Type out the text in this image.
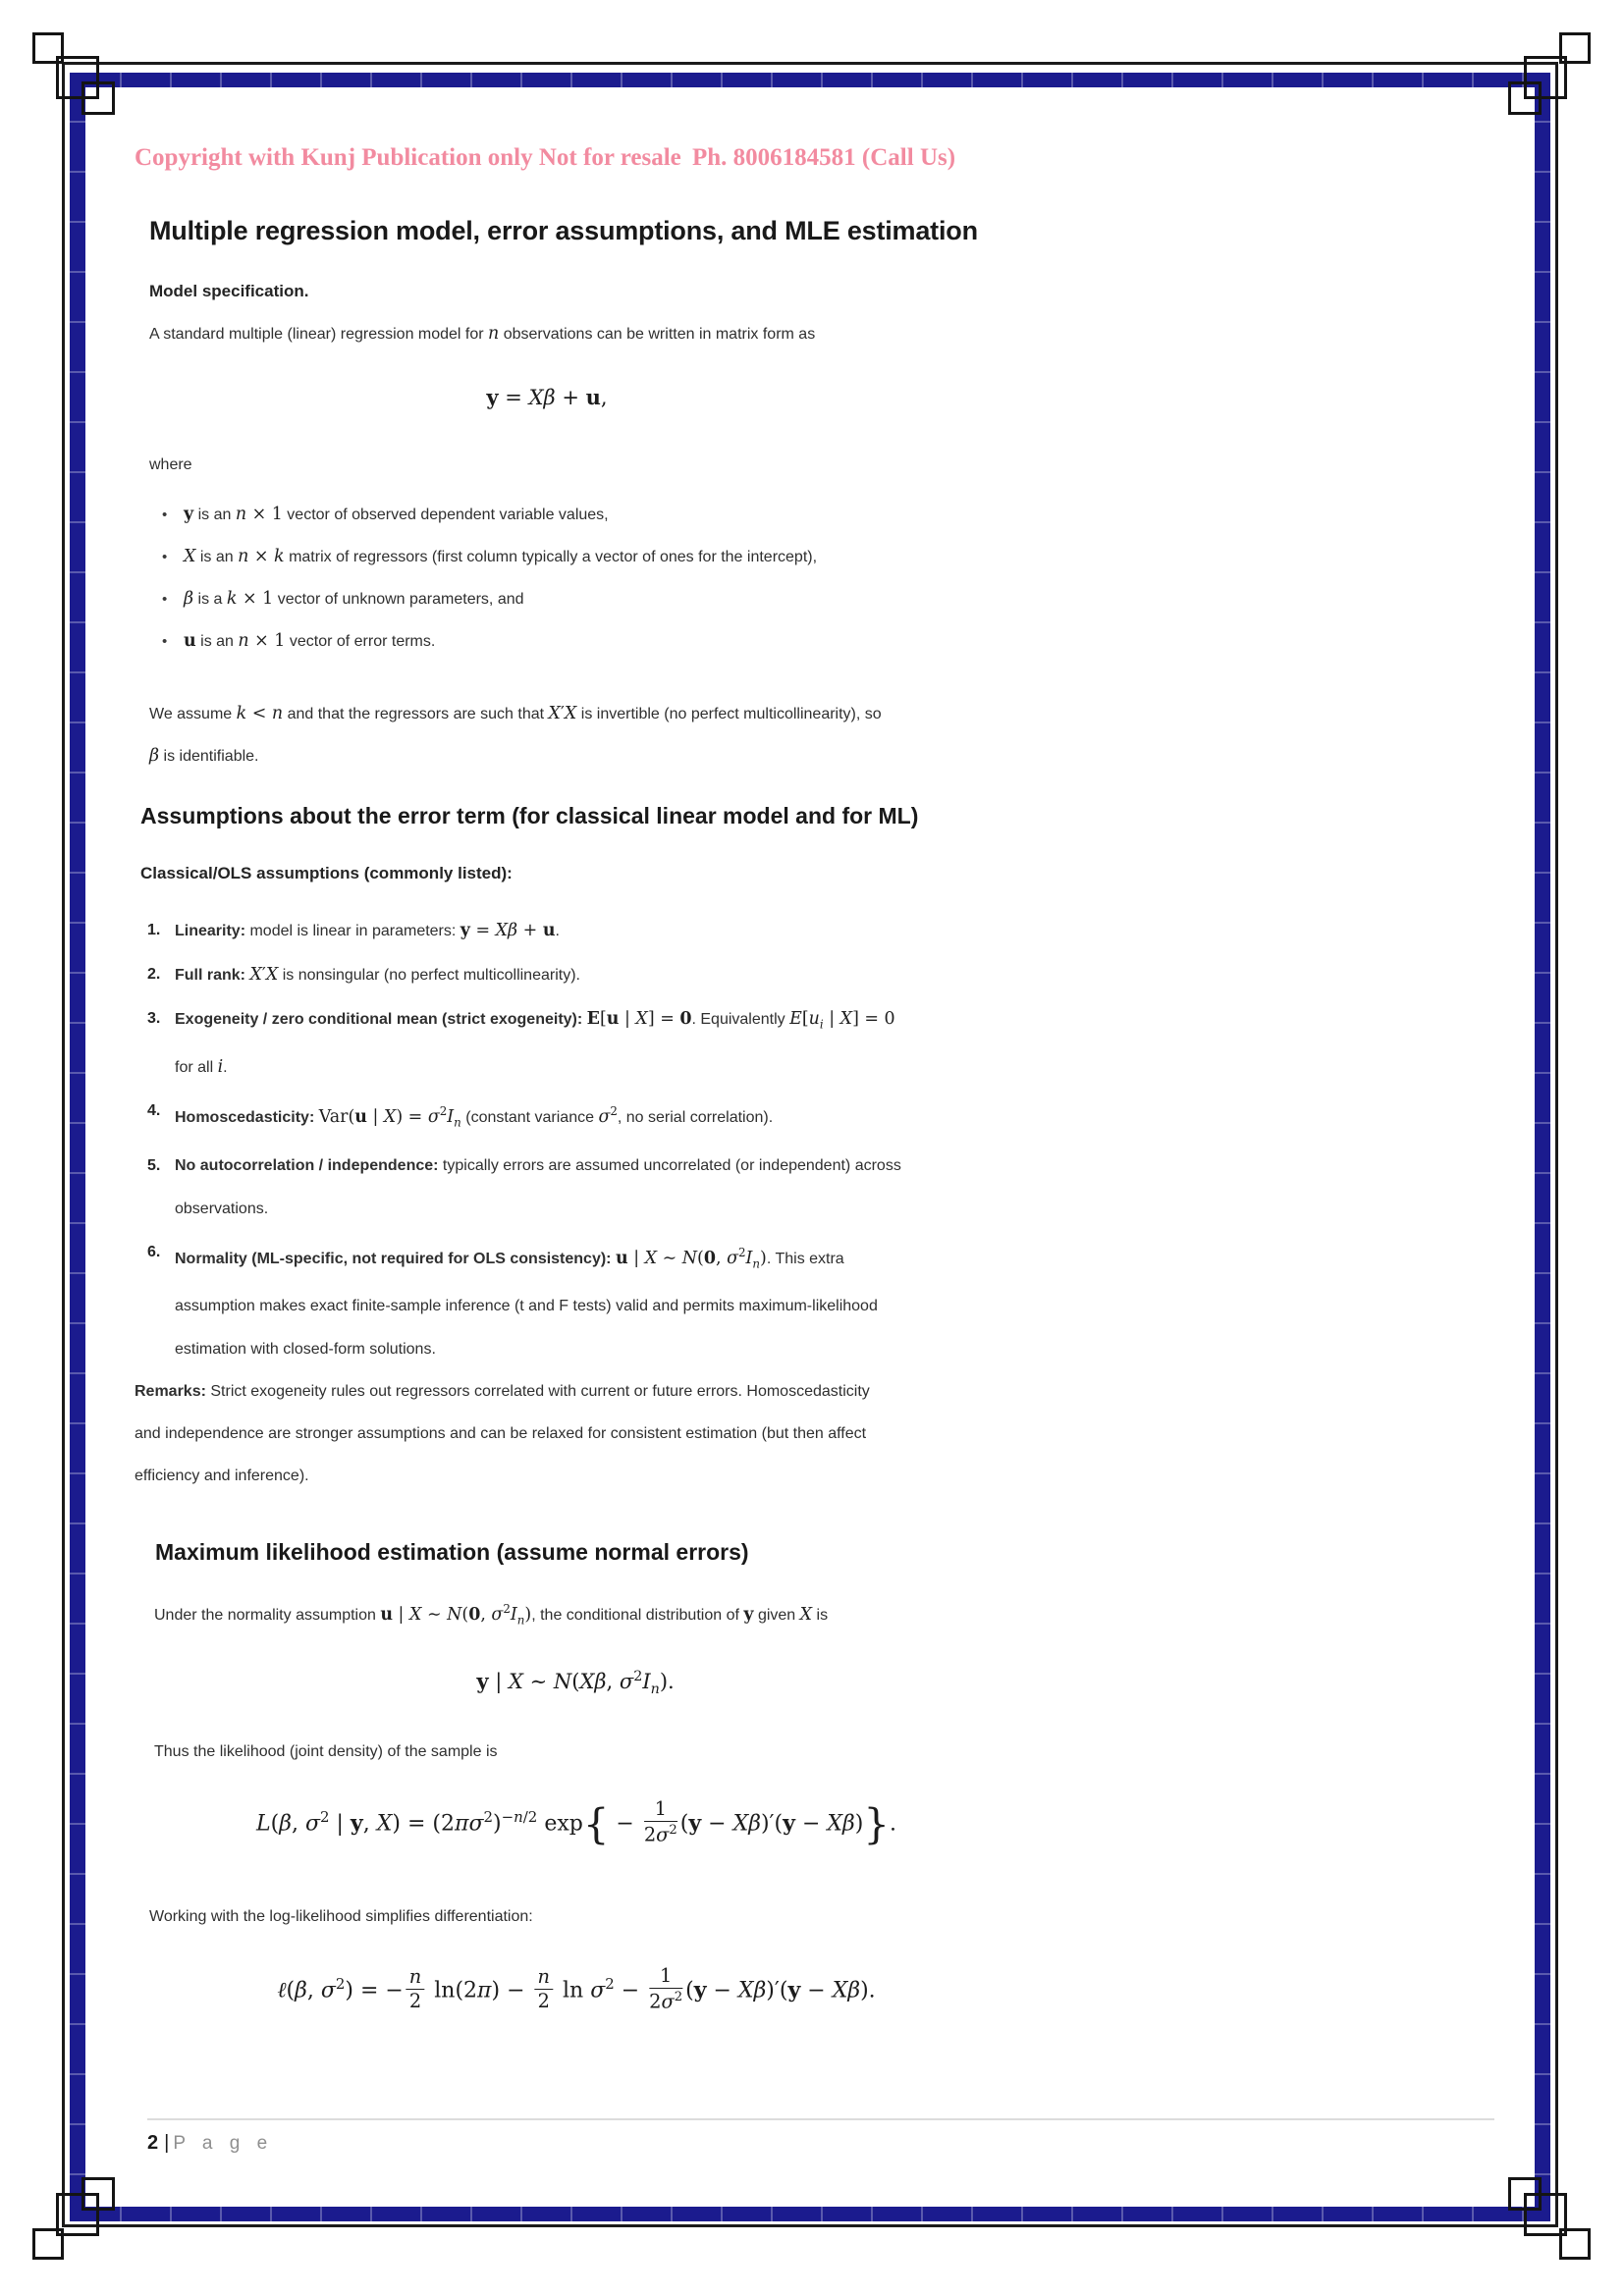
Copyright with Kunj Publication only Not for resale Ph. 8006184581 (Call Us)
Multiple regression model, error assumptions, and MLE estimation
Model specification.
A standard multiple (linear) regression model for n observations can be written in matrix form as
y = Xβ + u,
where
• y is an n × 1 vector of observed dependent variable values,
• X is an n × k matrix of regressors (first column typically a vector of ones for the intercept),
• β is a k × 1 vector of unknown parameters, and
• u is an n × 1 vector of error terms.
We assume k < n and that the regressors are such that X′X is invertible (no perfect multicollinearity), so
β is identifiable.
Assumptions about the error term (for classical linear model and for ML)
Classical/OLS assumptions (commonly listed):
Linearity: model is linear in parameters: y = Xβ + u.
Full rank: X′X is nonsingular (no perfect multicollinearity).
Exogeneity / zero conditional mean (strict exogeneity): E[u | X] = 0. Equivalently $E[u_i$ | X] = 0
for all i.
Homoscedasticity: Var(u | $X) = \sigma^2I_n$ (constant variance $\sigma^2$, no serial correlation).
No autocorrelation / independence: typically errors are assumed uncorrelated (or independent) across
observations.
Normality (ML-specific, not required for OLS consistency): u | X ∼ N(0, $\sigma^2I_n$). This extra
assumption makes exact finite-sample inference (t and F tests) valid and permits maximum-likelihood
estimation with closed-form solutions.
Remarks: Strict exogeneity rules out regressors correlated with current or future errors. Homoscedasticity
and independence are stronger assumptions and can be relaxed for consistent estimation (but then affect
efficiency and inference).
Maximum likelihood estimation (assume normal errors)
Under the normality assumption u | X ∼ N(0, $\sigma^2I_n$), the conditional distribution of y given X is
y | X ∼ N(Xβ, $\sigma^2I_n$).
Thus the likelihood (joint density) of the sample is
L(β, $\sigma^2$ | y, $X) = (2\pi\sigma^2)^{-n/2}$ $\exp\{ - \frac{1}{2\sigma^2} (y - X\beta)'(y - X\beta)\}$.
Working with the log-likelihood simplifies differentiation:
ℓ(β, $\sigma^2$) = − $\frac{n}{2} \ln(2\pi) - \frac{n}{2}$ $\ln \sigma^2 - \frac{1}{2\sigma^2} (y - X\beta)'(y - X\beta)$.
2 | P a g e
